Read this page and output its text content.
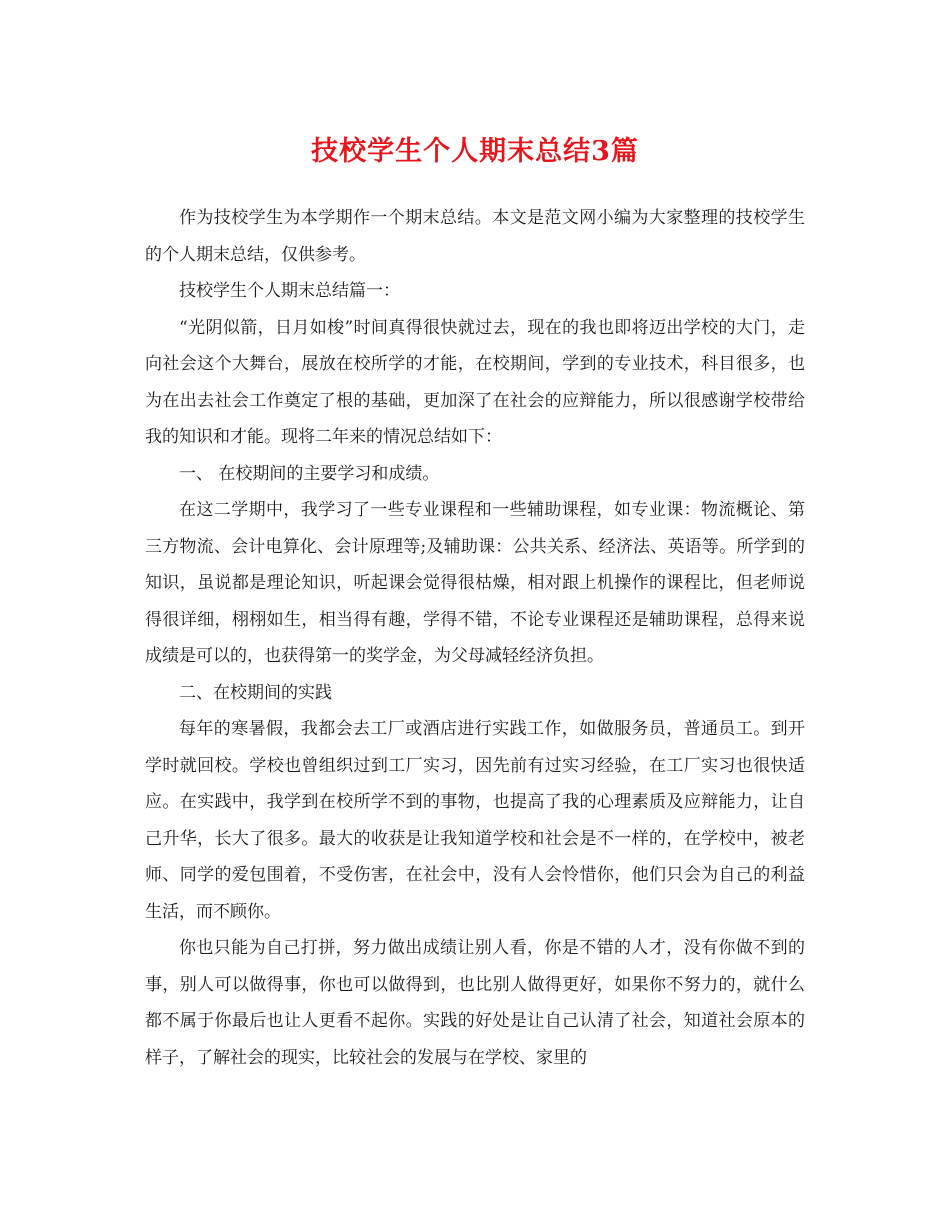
技校学生个人期末总结3篇

作为技校学生为本学期作一个期末总结。本文是范文网小编为大家整理的技校学生的个人期末总结，仅供参考。

技校学生个人期末总结篇一：

“光阴似箭，日月如梭”时间真得很快就过去，现在的我也即将迈出学校的大门，走向社会这个大舞台，展放在校所学的才能，在校期间，学到的专业技术，科目很多，也为在出去社会工作奠定了根的基础，更加深了在社会的应辩能力，所以很感谢学校带给我的知识和才能。现将二年来的情况总结如下：

一、 在校期间的主要学习和成绩。

在这二学期中，我学习了一些专业课程和一些辅助课程，如专业课：物流概论、第三方物流、会计电算化、会计原理等;及辅助课：公共关系、经济法、英语等。所学到的知识，虽说都是理论知识，听起课会觉得很枯燥，相对跟上机操作的课程比，但老师说得很详细，栩栩如生，相当得有趣，学得不错，不论专业课程还是辅助课程，总得来说成绩是可以的，也获得第一的奖学金，为父母减轻经济负担。

二、在校期间的实践

每年的寒暑假，我都会去工厂或酒店进行实践工作，如做服务员，普通员工。到开学时就回校。学校也曾组织过到工厂实习，因先前有过实习经验，在工厂实习也很快适应。在实践中，我学到在校所学不到的事物，也提高了我的心理素质及应辩能力，让自己升华，长大了很多。最大的收获是让我知道学校和社会是不一样的，在学校中，被老师、同学的爱包围着，不受伤害，在社会中，没有人会怜惜你，他们只会为自己的利益生活，而不顾你。

你也只能为自己打拼，努力做出成绩让别人看，你是不错的人才，没有你做不到的事，别人可以做得事，你也可以做得到，也比别人做得更好，如果你不努力的，就什么都不属于你最后也让人更看不起你。实践的好处是让自己认清了社会，知道社会原本的样子，了解社会的现实，比较社会的发展与在学校、家里的
